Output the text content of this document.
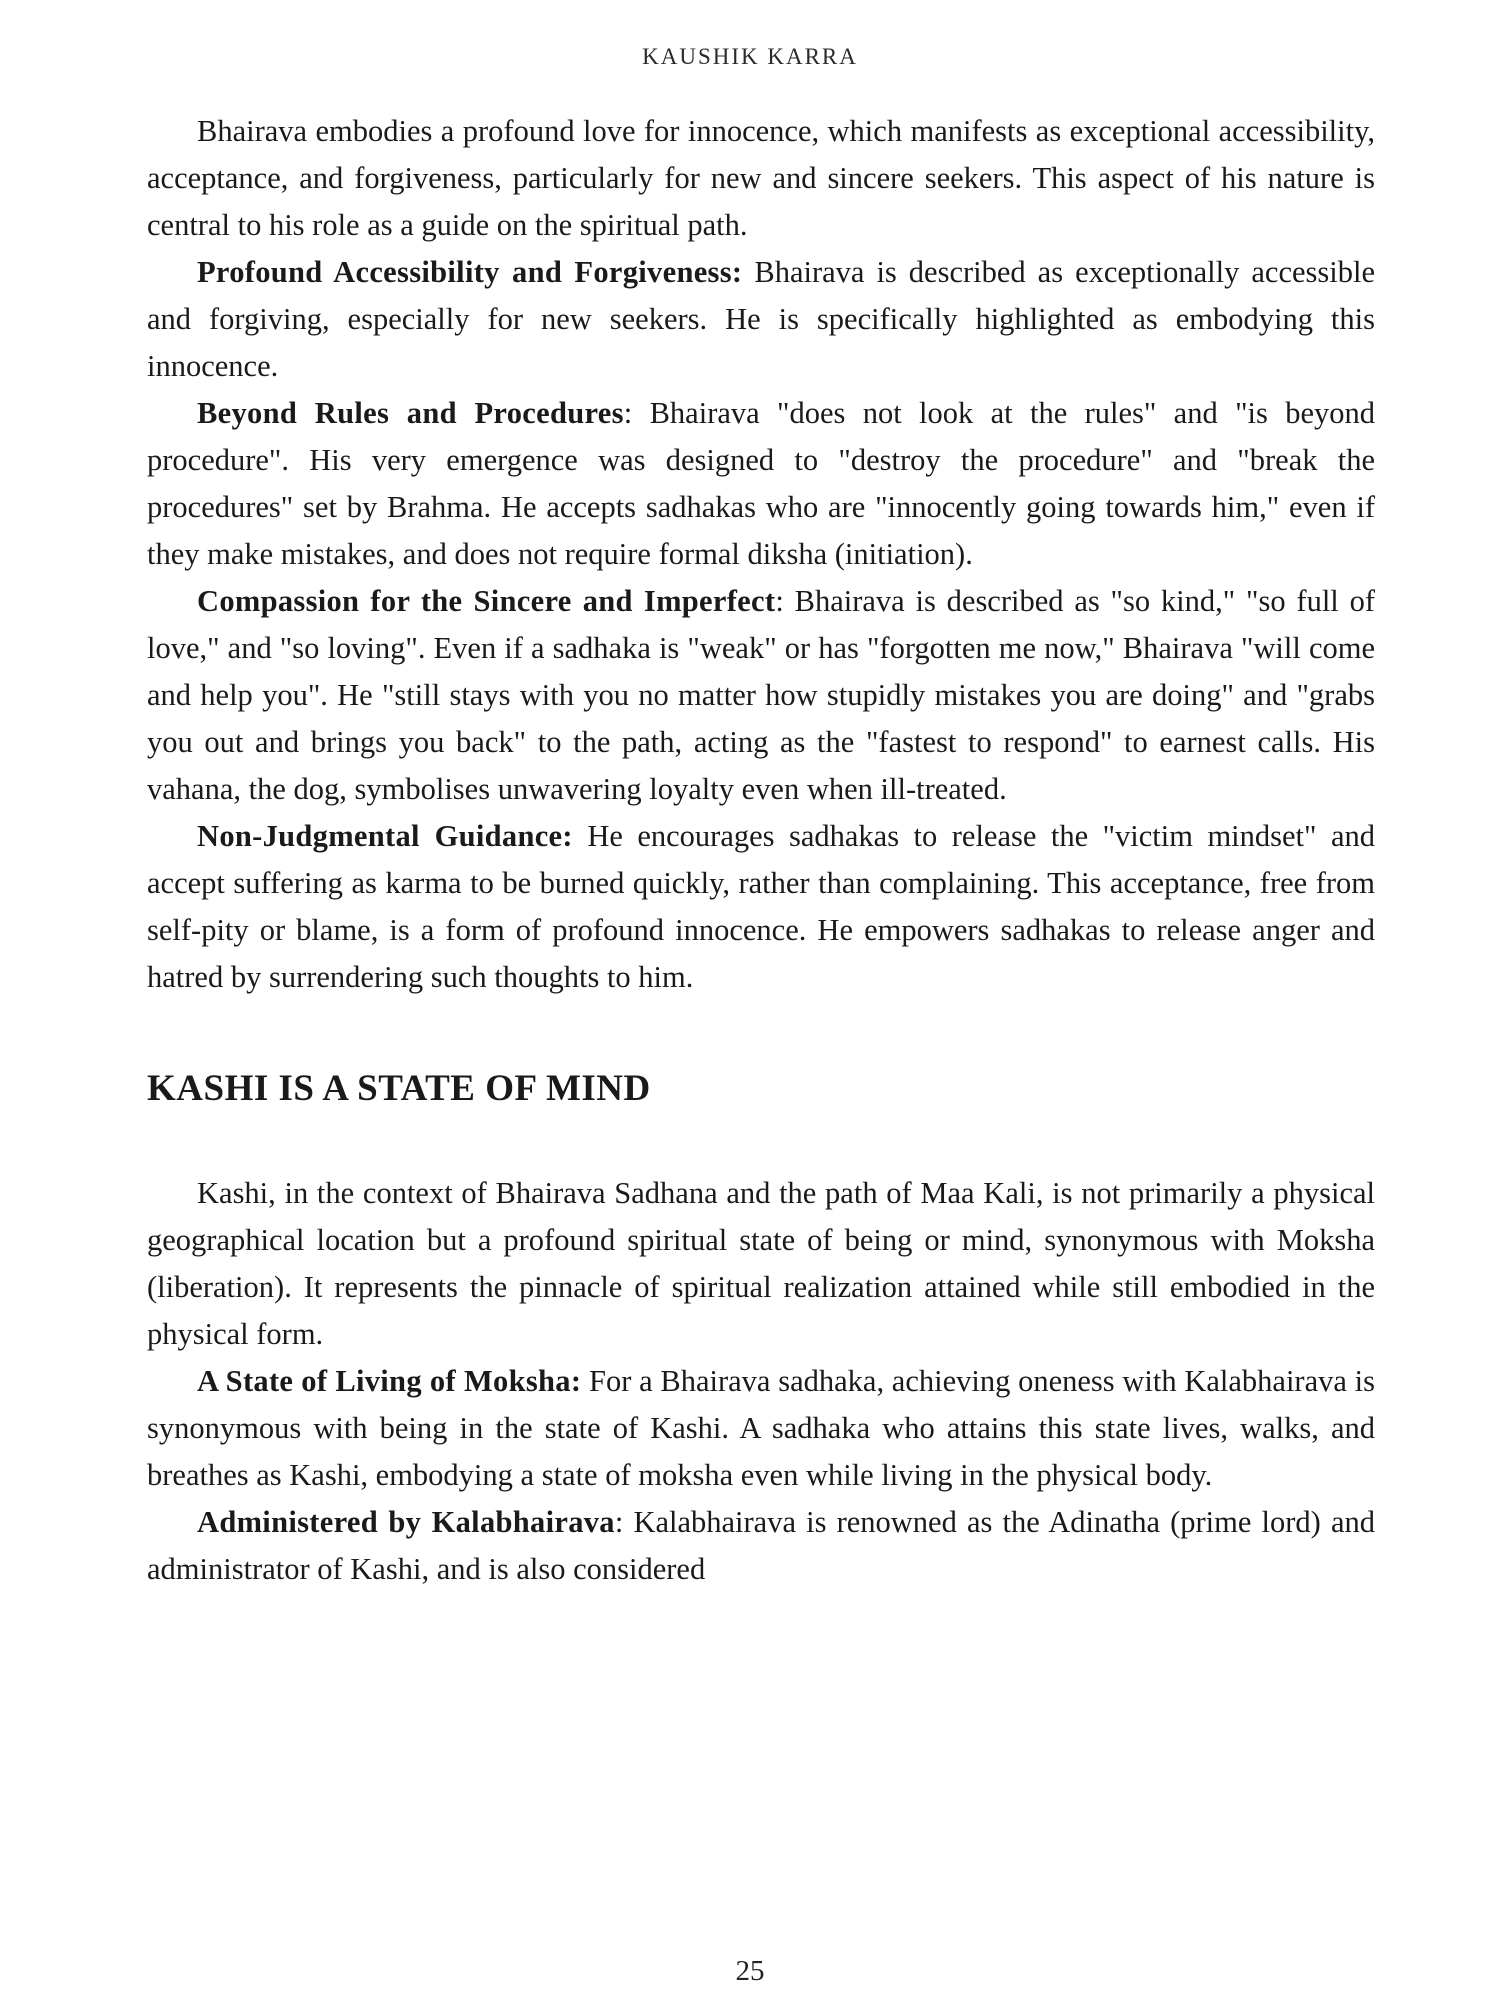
KAUSHIK KARRA

Bhairava embodies a profound love for innocence, which manifests as exceptional accessibility, acceptance, and forgiveness, particularly for new and sincere seekers. This aspect of his nature is central to his role as a guide on the spiritual path.

Profound Accessibility and Forgiveness: Bhairava is described as exceptionally accessible and forgiving, especially for new seekers. He is specifically highlighted as embodying this innocence.

Beyond Rules and Procedures: Bhairava "does not look at the rules" and "is beyond procedure". His very emergence was designed to "destroy the procedure" and "break the procedures" set by Brahma. He accepts sadhakas who are "innocently going towards him," even if they make mistakes, and does not require formal diksha (initiation).

Compassion for the Sincere and Imperfect: Bhairava is described as "so kind," "so full of love," and "so loving". Even if a sadhaka is "weak" or has "forgotten me now," Bhairava "will come and help you". He "still stays with you no matter how stupidly mistakes you are doing" and "grabs you out and brings you back" to the path, acting as the "fastest to respond" to earnest calls. His vahana, the dog, symbolises unwavering loyalty even when ill-treated.

Non-Judgmental Guidance: He encourages sadhakas to release the "victim mindset" and accept suffering as karma to be burned quickly, rather than complaining. This acceptance, free from self-pity or blame, is a form of profound innocence. He empowers sadhakas to release anger and hatred by surrendering such thoughts to him.

KASHI IS A STATE OF MIND

Kashi, in the context of Bhairava Sadhana and the path of Maa Kali, is not primarily a physical geographical location but a profound spiritual state of being or mind, synonymous with Moksha (liberation). It represents the pinnacle of spiritual realization attained while still embodied in the physical form.

A State of Living of Moksha: For a Bhairava sadhaka, achieving oneness with Kalabhairava is synonymous with being in the state of Kashi. A sadhaka who attains this state lives, walks, and breathes as Kashi, embodying a state of moksha even while living in the physical body.

Administered by Kalabhairava: Kalabhairava is renowned as the Adinatha (prime lord) and administrator of Kashi, and is also considered

25
